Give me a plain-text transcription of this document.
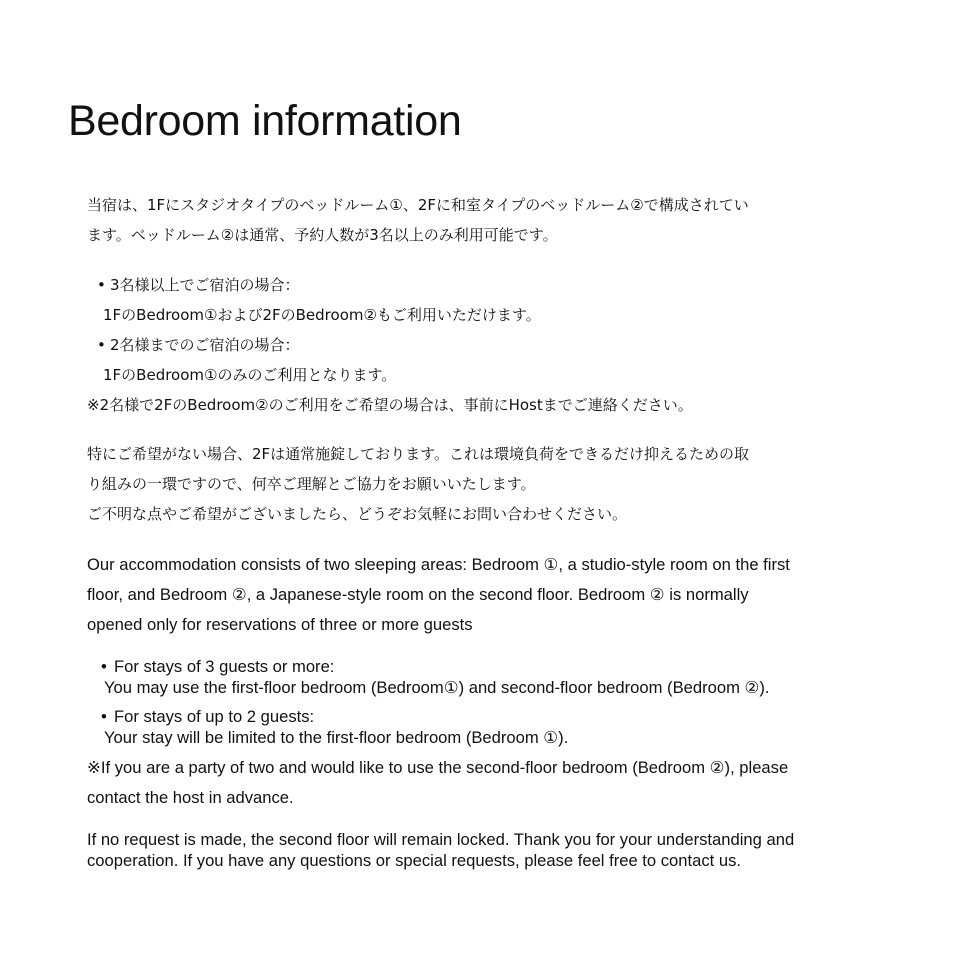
Bedroom information
当宿は、1Fにスタジオタイプのベッドルーム①、2Fに和室タイプのベッドルーム②で構成されてい
ます。ベッドルーム②は通常、予約人数が3名以上のみ利用可能です。
• 3名様以上でご宿泊の場合：
1FのBedroom①および2FのBedroom②もご利用いただけます。
• 2名様までのご宿泊の場合：
1FのBedroom①のみのご利用となります。
※2名様で2FのBedroom②のご利用をご希望の場合は、事前にHostまでご連絡ください。
特にご希望がない場合、2Fは通常施錠しております。これは環境負荷をできるだけ抑えるための取
り組みの一環ですので、何卒ご理解とご協力をお願いいたします。
ご不明な点やご希望がございましたら、どうぞお気軽にお問い合わせください。
Our accommodation consists of two sleeping areas: Bedroom ①, a studio-style room on the first
floor, and Bedroom ②, a Japanese-style room on the second floor. Bedroom ② is normally
opened only for reservations of three or more guests
• For stays of 3 guests or more:
You may use the first-floor bedroom (Bedroom①) and second-floor bedroom (Bedroom ②).
• For stays of up to 2 guests:
Your stay will be limited to the first-floor bedroom (Bedroom ①).
※If you are a party of two and would like to use the second-floor bedroom (Bedroom ②), please
contact the host in advance.
If no request is made, the second floor will remain locked. Thank you for your understanding and
cooperation. If you have any questions or special requests, please feel free to contact us.
